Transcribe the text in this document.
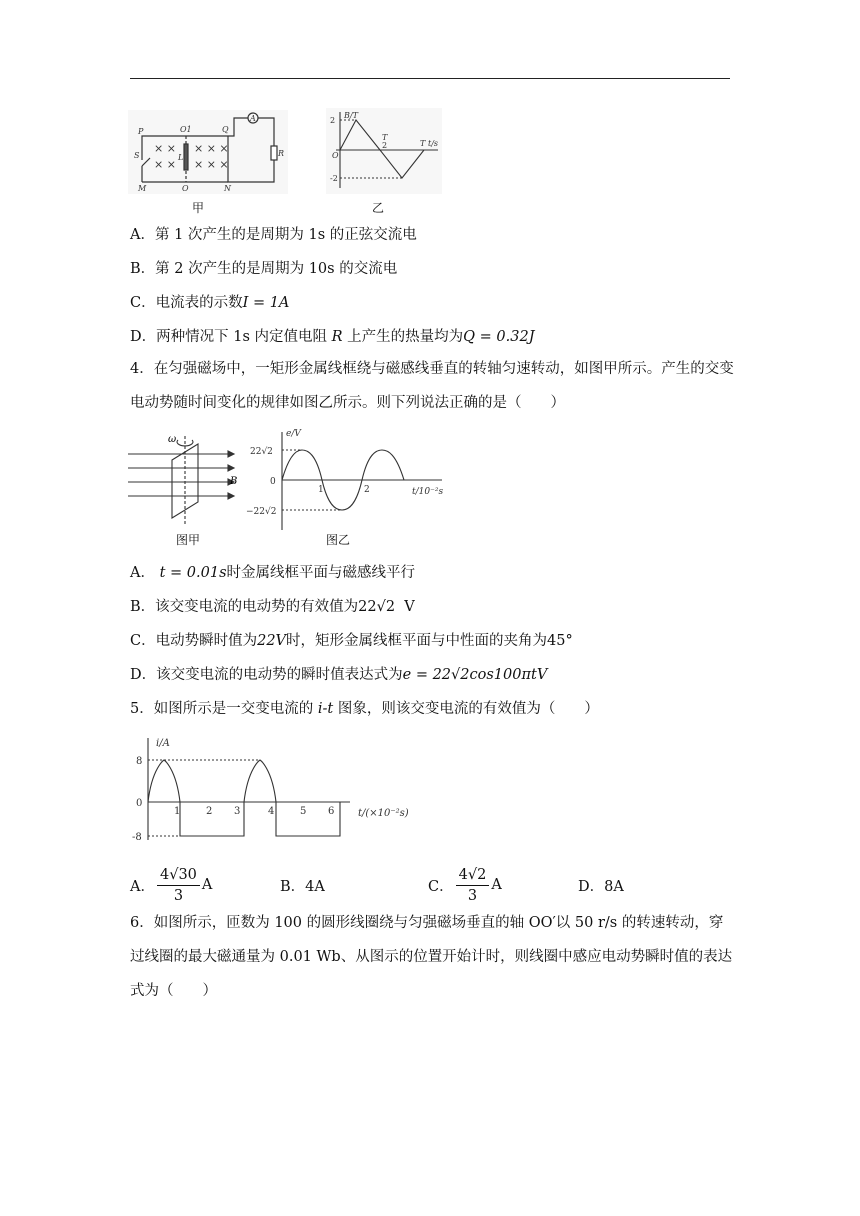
× ×
× ×
× × ×
× × ×
P	O1	Q
S	L	R
M	O	N
A
甲
B/T
2
-2
O
T
2	T t/s
乙
A．第 1 次产生的是周期为 1s 的正弦交流电
B．第 2 次产生的是周期为 10s 的交流电
C．电流表的示数I = 1A
D．两种情况下 1s 内定值电阻 R 上产生的热量均为Q = 0.32J
4．在匀强磁场中，一矩形金属线框绕与磁感线垂直的转轴匀速转动，如图甲所示。产生的交变电动势随时间变化的规律如图乙所示。则下列说法正确的是（　　）
ω
B
图甲
e/V
22√2
0
−22√2
1	2	t/10⁻²s
图乙
A． t = 0.01s时金属线框平面与磁感线平行
B．该交变电流的电动势的有效值为22√2 V
C．电动势瞬时值为22V时，矩形金属线框平面与中性面的夹角为45°
D．该交变电流的电动势的瞬时值表达式为e = 22√2cos100πtV
5．如图所示是一交变电流的 i-t 图象，则该交变电流的有效值为（　　）
i/A
8
0
-8
1	2 3	4	5 6 t/(×10⁻²s)
A． $\frac{4√30}{3}$ A	B．4A	C． $\frac{4√2}{3}$ A	D．8A
6．如图所示，匝数为 100 的圆形线圈绕与匀强磁场垂直的轴 OO′以 50 r/s 的转速转动，穿过线圈的最大磁通量为 0.01 Wb、从图示的位置开始计时，则线圈中感应电动势瞬时值的表达式为（　　）
